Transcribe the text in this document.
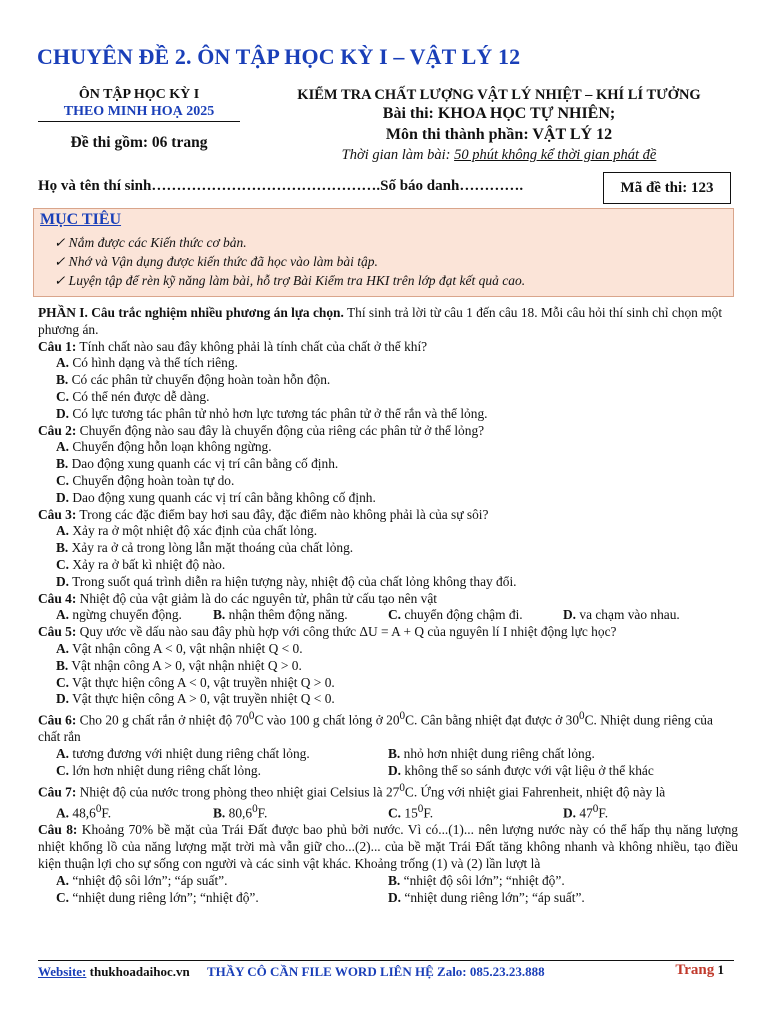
CHUYÊN ĐỀ 2. ÔN TẬP HỌC KỲ I – VẬT LÝ 12
ÔN TẬP HỌC KỲ I
THEO MINH HOẠ 2025
Đề thi gồm: 06 trang
KIỂM TRA CHẤT LƯỢNG VẬT LÝ NHIỆT – KHÍ LÍ TƯỞNG
Bài thi: KHOA HỌC TỰ NHIÊN;
Môn thi thành phần: VẬT LÝ 12
Thời gian làm bài: 50 phút không kể thời gian phát đề
Họ và tên thí sinh……………………………………….Số báo danh………….	Mã đề thi: 123
MỤC TIÊU
✓ Nắm được các Kiến thức cơ bản.
✓ Nhớ và Vận dụng được kiến thức đã học vào làm bài tập.
✓ Luyện tập để rèn kỹ năng làm bài, hỗ trợ Bài Kiểm tra HKI trên lớp đạt kết quả cao.

PHẦN I. Câu trắc nghiệm nhiều phương án lựa chọn. Thí sinh trả lời từ câu 1 đến câu 18. Mỗi câu hỏi thí sinh chỉ chọn một phương án.

Câu 1: Tính chất nào sau đây không phải là tính chất của chất ở thể khí?

A. Có hình dạng và thể tích riêng.

B. Có các phân tử chuyển động hoàn toàn hỗn độn.

C. Có thể nén được dễ dàng.

D. Có lực tương tác phân tử nhỏ hơn lực tương tác phân tử ở thể rắn và thể lỏng.

Câu 2: Chuyển động nào sau đây là chuyển động của riêng các phân tử ở thể lỏng?

A. Chuyển động hỗn loạn không ngừng.

B. Dao động xung quanh các vị trí cân bằng cố định.

C. Chuyển động hoàn toàn tự do.

D. Dao động xung quanh các vị trí cân bằng không cố định.

Câu 3: Trong các đặc điểm bay hơi sau đây, đặc điểm nào không phải là của sự sôi?

A. Xảy ra ở một nhiệt độ xác định của chất lỏng.

B. Xảy ra ở cả trong lòng lẫn mặt thoáng của chất lỏng.

C. Xảy ra ở bất kì nhiệt độ nào.

D. Trong suốt quá trình diễn ra hiện tượng này, nhiệt độ của chất lỏng không thay đổi.

Câu 4: Nhiệt độ của vật giảm là do các nguyên tử, phân tử cấu tạo nên vật

A. ngừng chuyển động.	B. nhận thêm động năng.	C. chuyển động chậm đi.	D. va chạm vào nhau.

Câu 5: Quy ước về dấu nào sau đây phù hợp với công thức ΔU = A + Q của nguyên lí I nhiệt động lực học?

A. Vật nhận công A < 0, vật nhận nhiệt Q < 0.

B. Vật nhận công A > 0, vật nhận nhiệt Q > 0.

C. Vật thực hiện công A < 0, vật truyền nhiệt Q > 0.

D. Vật thực hiện công A > 0, vật truyền nhiệt Q < 0.

Câu 6: Cho 20 g chất rắn ở nhiệt độ $70^0C$ vào 100 g chất lỏng ở $20^0C$. Cân bằng nhiệt đạt được ở $30^0C$. Nhiệt dung riêng của chất rắn

A. tương đương với nhiệt dung riêng chất lỏng.	B. nhỏ hơn nhiệt dung riêng chất lỏng.
C. lớn hơn nhiệt dung riêng chất lỏng.	D. không thể so sánh được với vật liệu ở thể khác

Câu 7: Nhiệt độ của nước trong phòng theo nhiệt giai Celsius là $27^0C$. Ứng với nhiệt giai Fahrenheit, nhiệt độ này là

A. 48,6$^0$F.	B. 80,6$^0$F.	C. $15^0F$.	D. $47^0F$.

Câu 8: Khoảng 70% bề mặt của Trái Đất được bao phủ bởi nước. Vì có...(1)... nên lượng nước này có thể hấp thụ năng lượng nhiệt khổng lồ của năng lượng mặt trời mà vẫn giữ cho...(2)... của bề mặt Trái Đất tăng không nhanh và không nhiều, tạo điều kiện thuận lợi cho sự sống con người và các sinh vật khác. Khoảng trống (1) và (2) lần lượt là

A. “nhiệt độ sôi lớn”; “áp suất”.	B. “nhiệt độ sôi lớn”; “nhiệt độ”.
C. “nhiệt dung riêng lớn”; “nhiệt độ”.	D. “nhiệt dung riêng lớn”; “áp suất”.
Website: thukhoadaihoc.vn THẦY CÔ CẦN FILE WORD LIÊN HỆ Zalo: 085.23.23.888	Trang 1
